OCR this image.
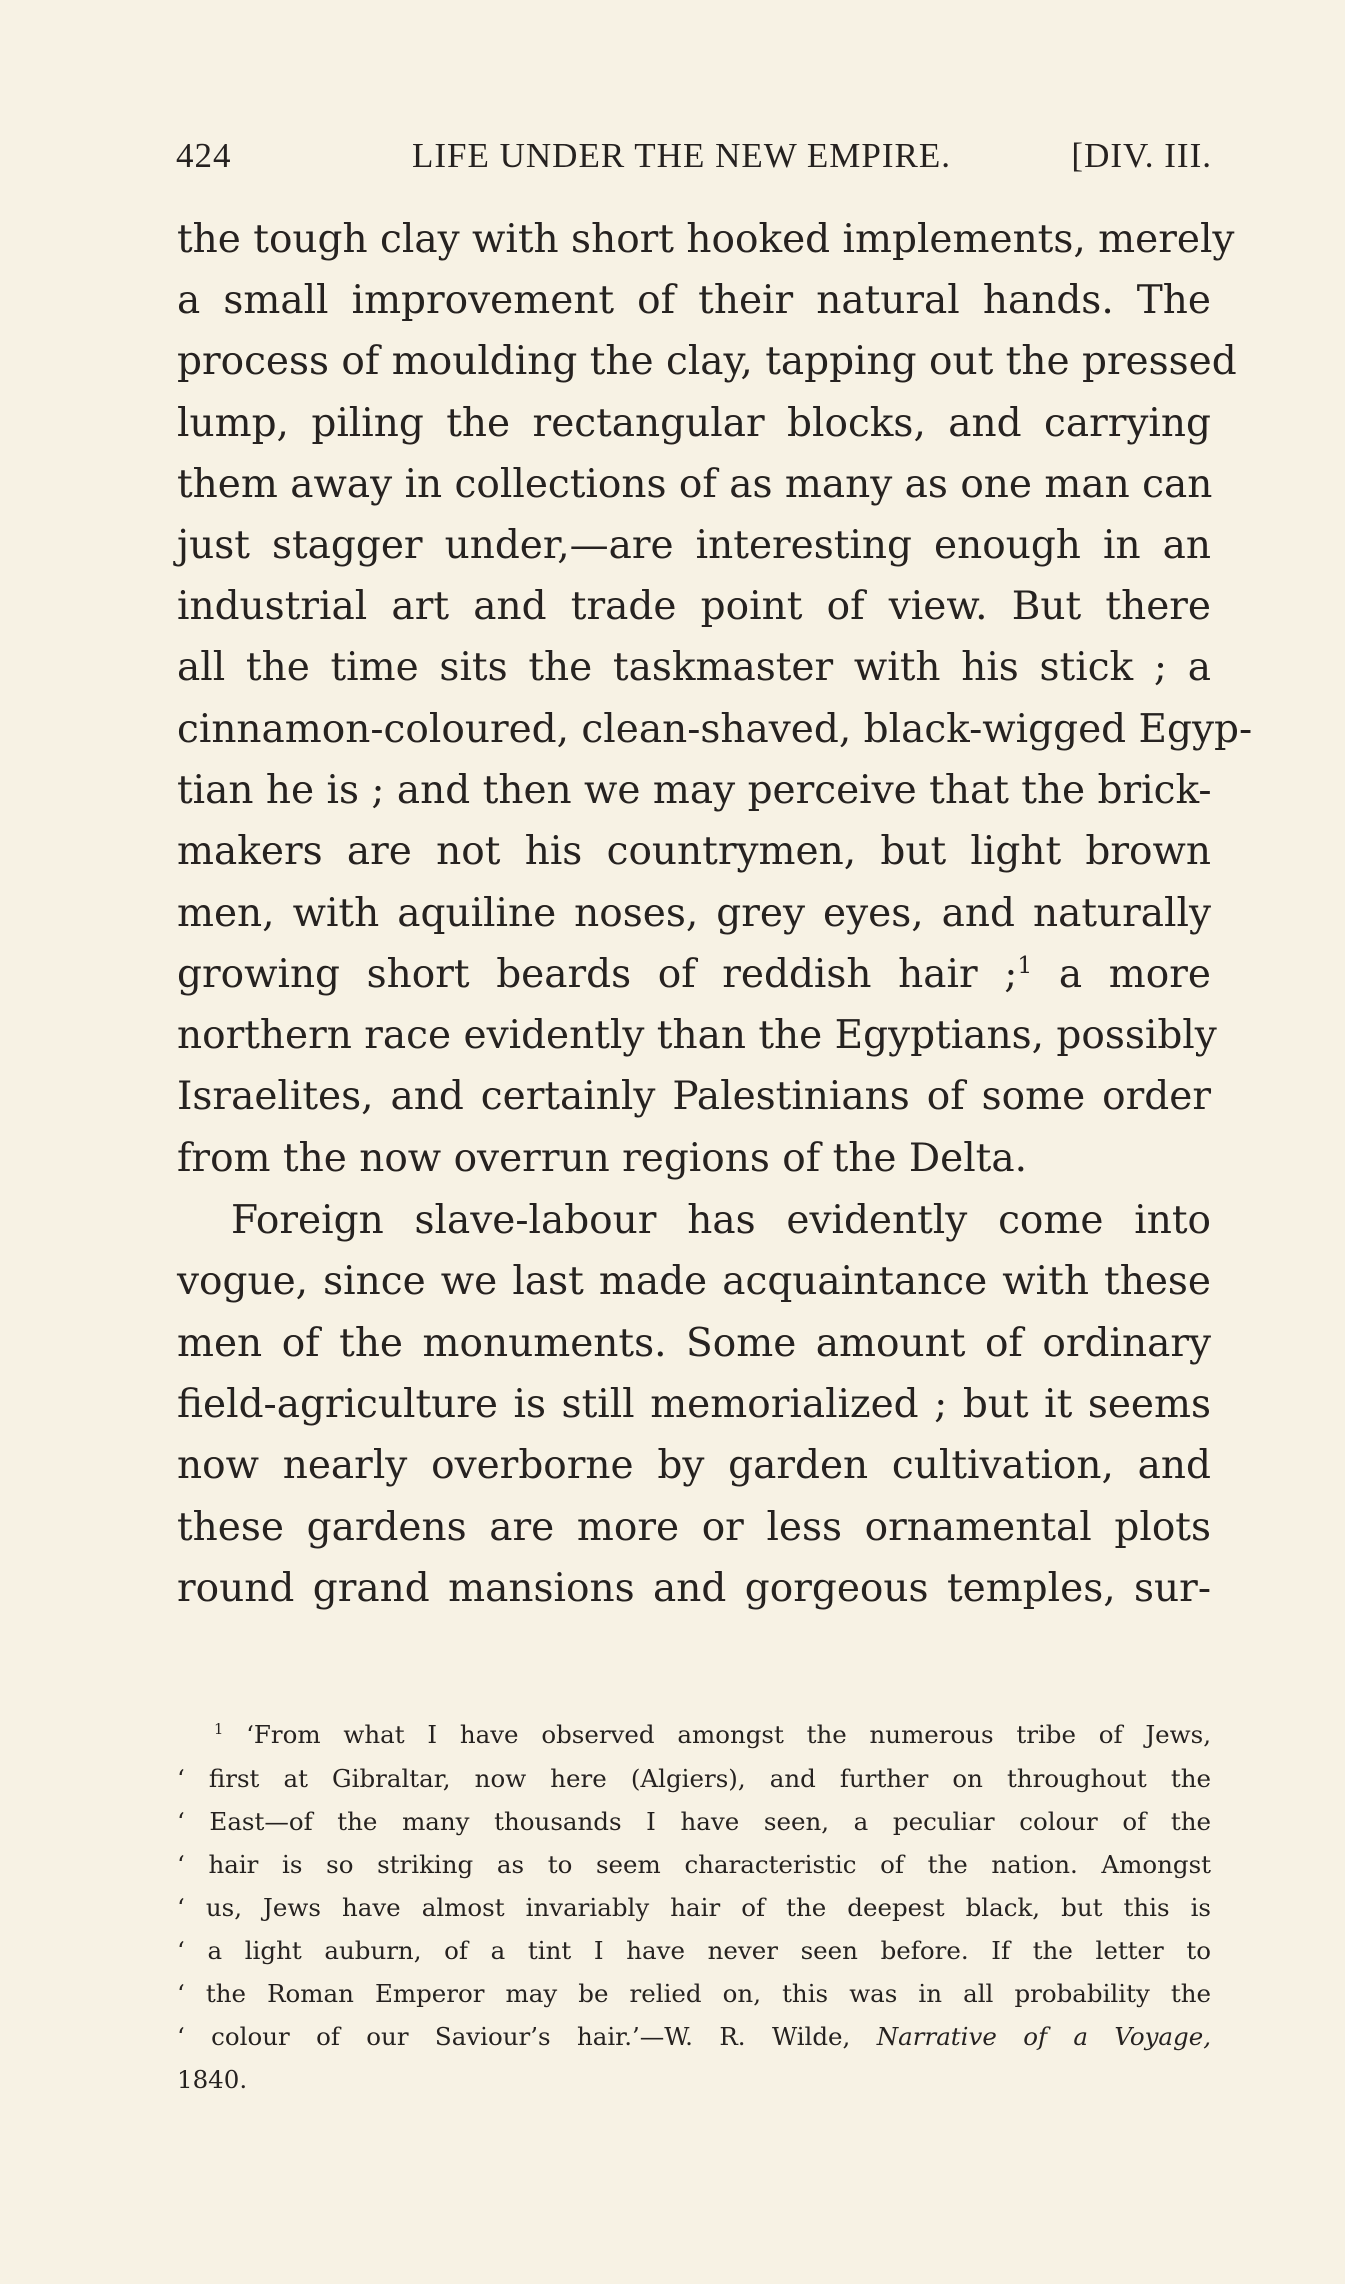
424	LIFE UNDER THE NEW EMPIRE.	[DIV. III.
the tough clay with short hooked implements, merely
a small improvement of their natural hands. The
process of moulding the clay, tapping out the pressed
lump, piling the rectangular blocks, and carrying
them away in collections of as many as one man can
just stagger under,—are interesting enough in an
industrial art and trade point of view. But there
all the time sits the taskmaster with his stick ; a
cinnamon-coloured, clean-shaved, black-wigged Egyp-
tian he is ; and then we may perceive that the brick-
makers are not his countrymen, but light brown
men, with aquiline noses, grey eyes, and naturally
growing short beards of reddish hair ;$^1$ a more
northern race evidently than the Egyptians, possibly
Israelites, and certainly Palestinians of some order
from the now overrun regions of the Delta.
Foreign slave-labour has evidently come into
vogue, since we last made acquaintance with these
men of the monuments. Some amount of ordinary
field-agriculture is still memorialized ; but it seems
now nearly overborne by garden cultivation, and
these gardens are more or less ornamental plots
round grand mansions and gorgeous temples, sur-
$^1$ ‘From what I have observed amongst the numerous tribe of Jews,
‘ first at Gibraltar, now here (Algiers), and further on throughout the
‘ East—of the many thousands I have seen, a peculiar colour of the
‘ hair is so striking as to seem characteristic of the nation. Amongst
‘ us, Jews have almost invariably hair of the deepest black, but this is
‘ a light auburn, of a tint I have never seen before. If the letter to
‘ the Roman Emperor may be relied on, this was in all probability the
‘ colour of our Saviour’s hair.’—W. R. Wilde, Narrative of a Voyage,
1840.
